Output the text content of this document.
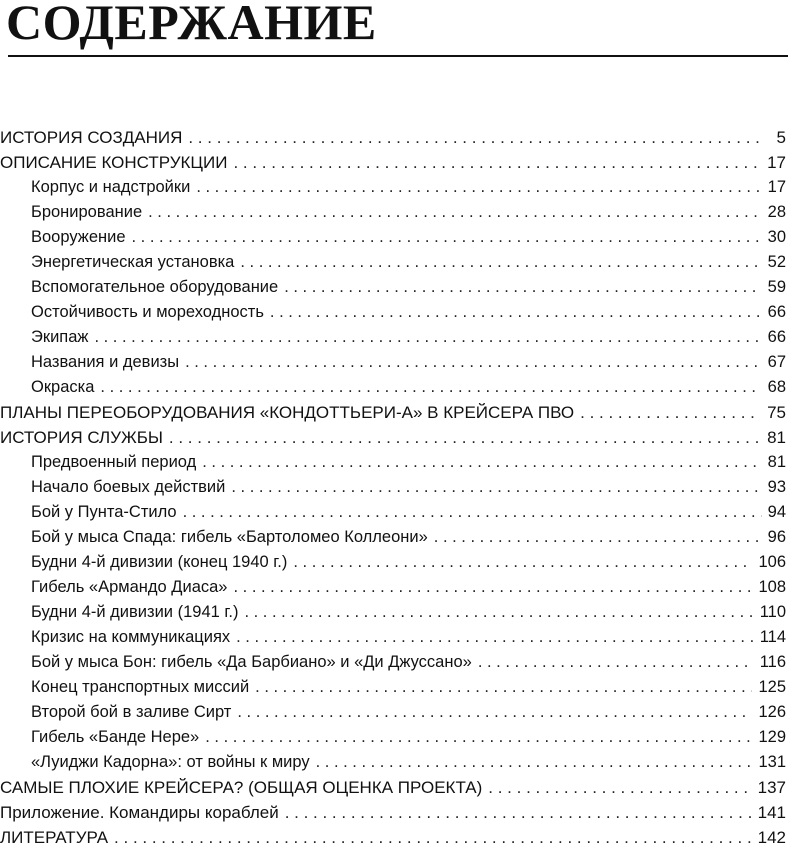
СОДЕРЖАНИЕ
ИСТОРИЯ СОЗДАНИЯ . . .	5
ОПИСАНИЕ КОНСТРУКЦИИ . . .	17
Корпус и надстройки . . .	17
Бронирование . . .	28
Вооружение . . .	30
Энергетическая установка . . .	52
Вспомогательное оборудование . . .	59
Остойчивость и мореходность . . .	66
Экипаж . . .	66
Названия и девизы . . .	67
Окраска . . .	68
ПЛАНЫ ПЕРЕОБОРУДОВАНИЯ «КОНДОТТЬЕРИ-А» В КРЕЙСЕРА ПВО . . .	75
ИСТОРИЯ СЛУЖБЫ . . .	81
Предвоенный период . . .	81
Начало боевых действий . . .	93
Бой у Пунта-Стило . . .	94
Бой у мыса Спада: гибель «Бартоломео Коллеони» . . .	96
Будни 4-й дивизии (конец 1940 г.) . . .	106
Гибель «Армандо Диаса» . . .	108
Будни 4-й дивизии (1941 г.) . . .	110
Кризис на коммуникациях . . .	114
Бой у мыса Бон: гибель «Да Барбиано» и «Ди Джуссано» . . .	116
Конец транспортных миссий . . .	125
Второй бой в заливе Сирт . . .	126
Гибель «Банде Нере» . . .	129
«Луиджи Кадорна»: от войны к миру . . .	131
САМЫЕ ПЛОХИЕ КРЕЙСЕРА? (ОБЩАЯ ОЦЕНКА ПРОЕКТА) . . .	137
Приложение. Командиры кораблей . . .	141
ЛИТЕРАТУРА . . .	142
